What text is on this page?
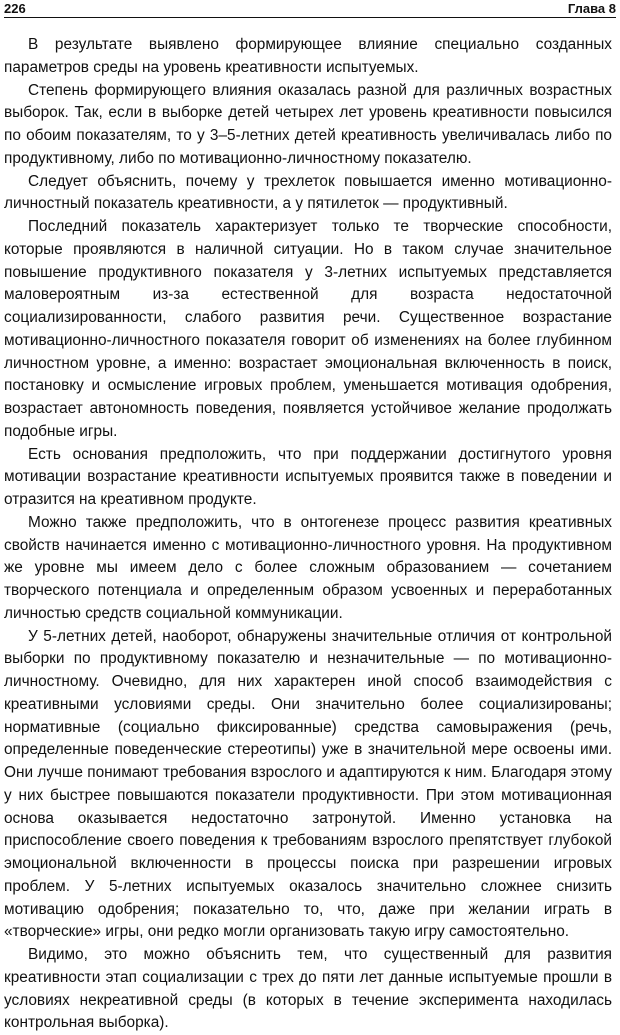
226	Глава 8

В результате выявлено формирующее влияние специально созданных параметров среды на уровень креативности испытуемых.

Степень формирующего влияния оказалась разной для различных возрастных выборок. Так, если в выборке детей четырех лет уровень креативности повысился по обоим показателям, то у 3–5-летних детей креативность увеличивалась либо по продуктивному, либо по мотивационно-личностному показателю.

Следует объяснить, почему у трехлеток повышается именно мотивационно-личностный показатель креативности, а у пятилеток — продуктивный.

Последний показатель характеризует только те творческие способности, которые проявляются в наличной ситуации. Но в таком случае значительное повышение продуктивного показателя у 3-летних испытуемых представляется маловероятным из-за естественной для возраста недостаточной социализированности, слабого развития речи. Существенное возрастание мотивационно-личностного показателя говорит об изменениях на более глубинном личностном уровне, а именно: возрастает эмоциональная включенность в поиск, постановку и осмысление игровых проблем, уменьшается мотивация одобрения, возрастает автономность поведения, появляется устойчивое желание продолжать подобные игры.

Есть основания предположить, что при поддержании достигнутого уровня мотивации возрастание креативности испытуемых проявится также в поведении и отразится на креативном продукте.

Можно также предположить, что в онтогенезе процесс развития креативных свойств начинается именно с мотивационно-личностного уровня. На продуктивном же уровне мы имеем дело с более сложным образованием — сочетанием творческого потенциала и определенным образом усвоенных и переработанных личностью средств социальной коммуникации.

У 5-летних детей, наоборот, обнаружены значительные отличия от контрольной выборки по продуктивному показателю и незначительные — по мотивационно-личностному. Очевидно, для них характерен иной способ взаимодействия с креативными условиями среды. Они значительно более социализированы; нормативные (социально фиксированные) средства самовыражения (речь, определенные поведенческие стереотипы) уже в значительной мере освоены ими. Они лучше понимают требования взрослого и адаптируются к ним. Благодаря этому у них быстрее повышаются показатели продуктивности. При этом мотивационная основа оказывается недостаточно затронутой. Именно установка на приспособление своего поведения к требованиям взрослого препятствует глубокой эмоциональной включенности в процессы поиска при разрешении игровых проблем. У 5-летних испытуемых оказалось значительно сложнее снизить мотивацию одобрения; показательно то, что, даже при желании играть в «творческие» игры, они редко могли организовать такую игру самостоятельно.

Видимо, это можно объяснить тем, что существенный для развития креативности этап социализации с трех до пяти лет данные испытуемые прошли в условиях некреативной среды (в которых в течение эксперимента находилась контрольная выборка).
